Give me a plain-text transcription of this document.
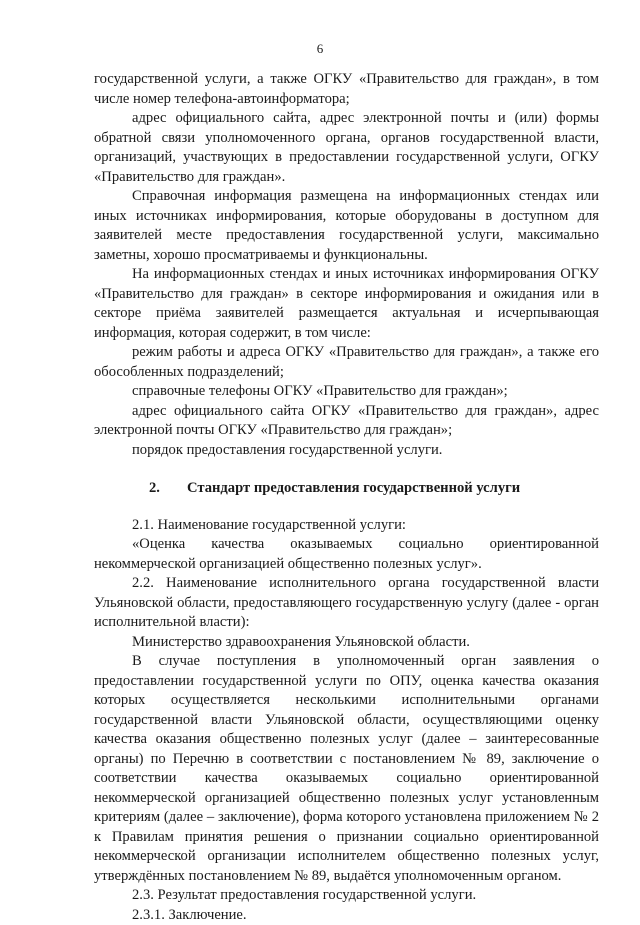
6

государственной услуги, а также ОГКУ «Правительство для граждан», в том числе номер телефона-автоинформатора;

адрес официального сайта, адрес электронной почты и (или) формы обратной связи уполномоченного органа, органов государственной власти, организаций, участвующих в предоставлении государственной услуги, ОГКУ «Правительство для граждан».

Справочная информация размещена на информационных стендах или иных источниках информирования, которые оборудованы в доступном для заявителей месте предоставления государственной услуги, максимально заметны, хорошо просматриваемы и функциональны.

На информационных стендах и иных источниках информирования ОГКУ «Правительство для граждан» в секторе информирования и ожидания или в секторе приёма заявителей размещается актуальная и исчерпывающая информация, которая содержит, в том числе:

режим работы и адреса ОГКУ «Правительство для граждан», а также его обособленных подразделений;

справочные телефоны ОГКУ «Правительство для граждан»;

адрес официального сайта ОГКУ «Правительство для граждан», адрес электронной почты ОГКУ «Правительство для граждан»;

порядок предоставления государственной услуги.

2. Стандарт предоставления государственной услуги

2.1. Наименование государственной услуги:

«Оценка качества оказываемых социально ориентированной некоммерческой организацией общественно полезных услуг».

2.2. Наименование исполнительного органа государственной власти Ульяновской области, предоставляющего государственную услугу (далее - орган исполнительной власти):

Министерство здравоохранения Ульяновской области.

В случае поступления в уполномоченный орган заявления о предоставлении государственной услуги по ОПУ, оценка качества оказания которых осуществляется несколькими исполнительными органами государственной власти Ульяновской области, осуществляющими оценку качества оказания общественно полезных услуг (далее – заинтересованные органы) по Перечню в соответствии с постановлением № 89, заключение о соответствии качества оказываемых социально ориентированной некоммерческой организацией общественно полезных услуг установленным критериям (далее – заключение), форма которого установлена приложением № 2 к Правилам принятия решения о признании социально ориентированной некоммерческой организации исполнителем общественно полезных услуг, утверждённых постановлением № 89, выдаётся уполномоченным органом.

2.3. Результат предоставления государственной услуги.

2.3.1. Заключение.
